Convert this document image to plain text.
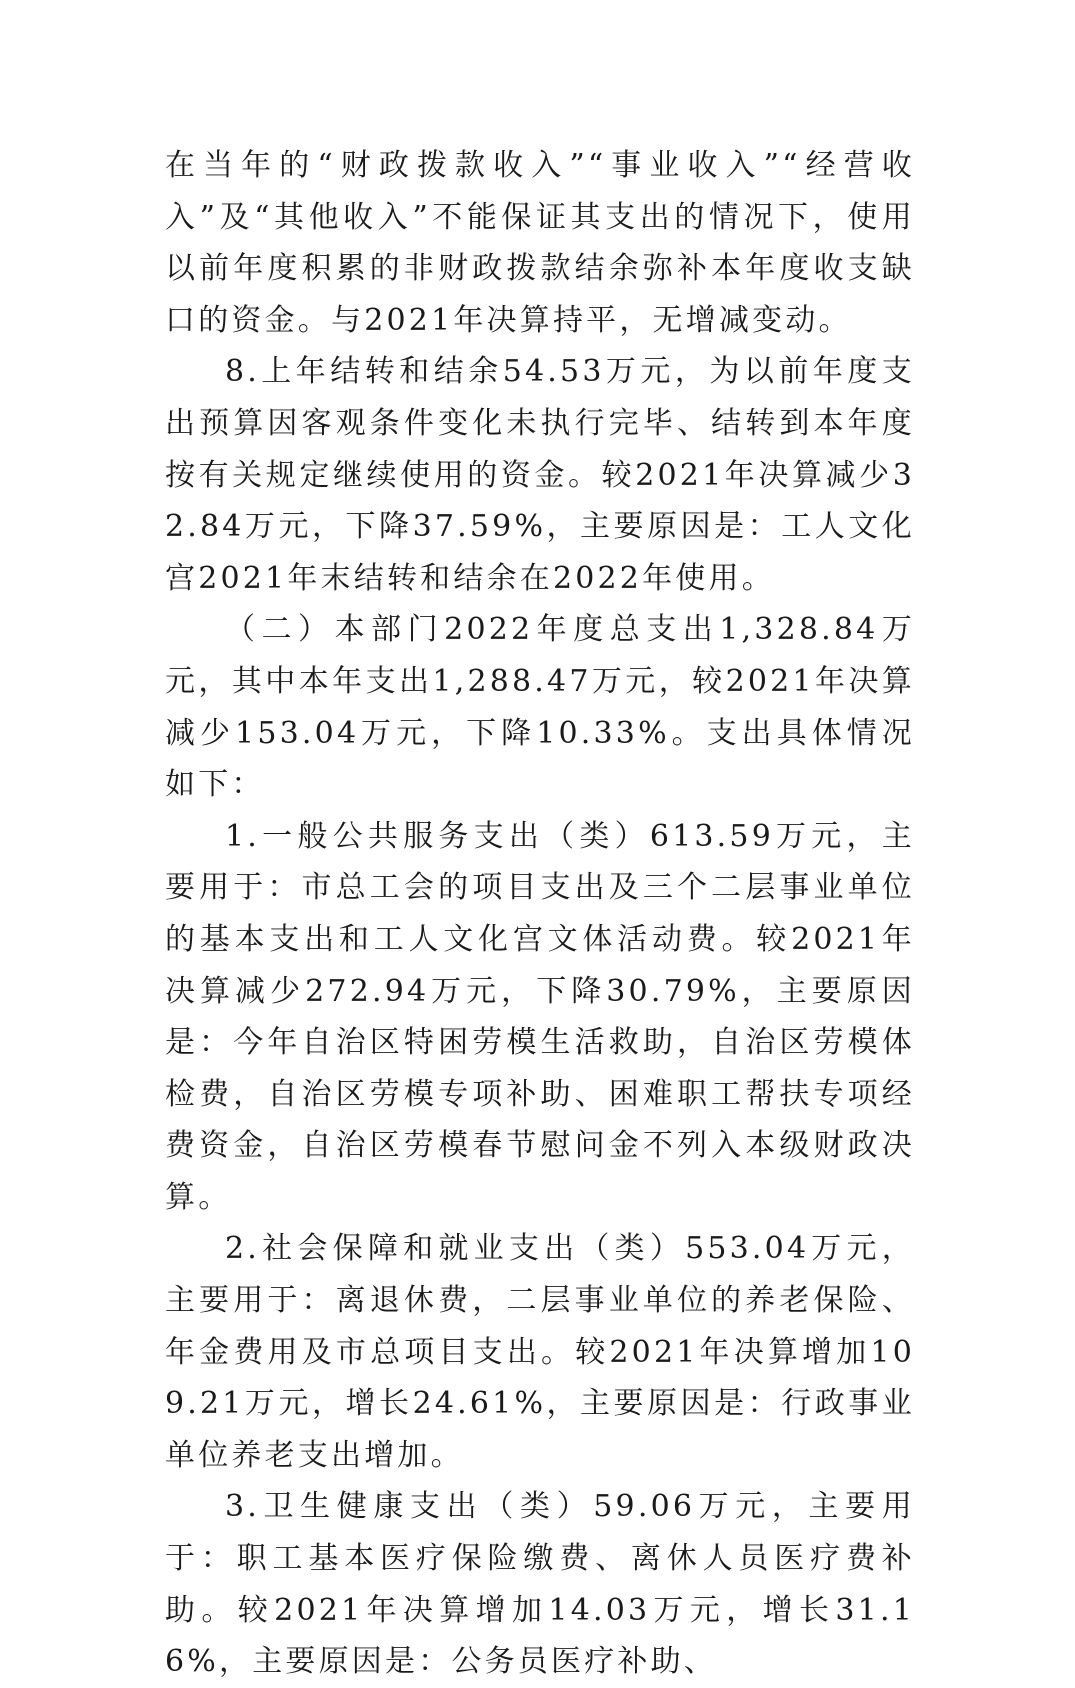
在当年的“财政拨款收入”“事业收入”“经营收入”及“其他收入”不能保证其支出的情况下，使用以前年度积累的非财政拨款结余弥补本年度收支缺口的资金。与2021年决算持平，无增减变动。

8.上年结转和结余54.53万元，为以前年度支出预算因客观条件变化未执行完毕、结转到本年度按有关规定继续使用的资金。较2021年决算减少32.84万元，下降37.59%，主要原因是：工人文化宫2021年末结转和结余在2022年使用。

（二）本部门2022年度总支出1,328.84万元，其中本年支出1,288.47万元，较2021年决算减少153.04万元，下降10.33%。支出具体情况如下：

1.一般公共服务支出（类）613.59万元，主要用于：市总工会的项目支出及三个二层事业单位的基本支出和工人文化宫文体活动费。较2021年决算减少272.94万元，下降30.79%，主要原因是：今年自治区特困劳模生活救助，自治区劳模体检费，自治区劳模专项补助、困难职工帮扶专项经费资金，自治区劳模春节慰问金不列入本级财政决算。

2.社会保障和就业支出（类）553.04万元，主要用于：离退休费，二层事业单位的养老保险、年金费用及市总项目支出。较2021年决算增加109.21万元，增长24.61%，主要原因是：行政事业单位养老支出增加。

3.卫生健康支出（类）59.06万元，主要用于：职工基本医疗保险缴费、离休人员医疗费补助。较2021年决算增加14.03万元，增长31.16%，主要原因是：公务员医疗补助、
